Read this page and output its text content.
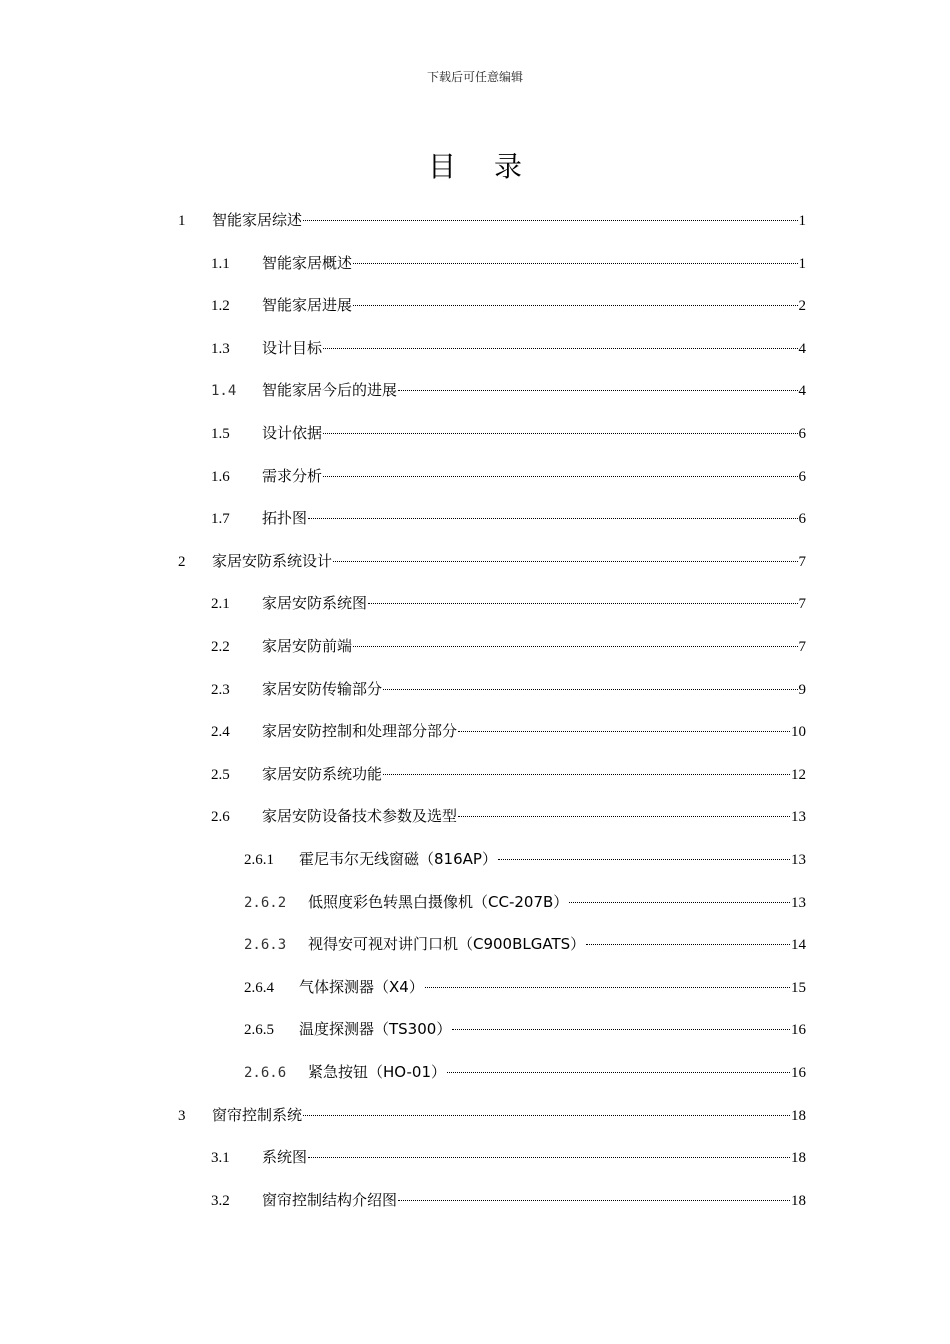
下载后可任意编辑
目录
1	智能家居综述	1
1.1	智能家居概述	1
1.2	智能家居进展	2
1.3	设计目标	4
1.4	智能家居今后的进展	4
1.5	设计依据	6
1.6	需求分析	6
1.7	拓扑图	6
2	家居安防系统设计	7
2.1	家居安防系统图	7
2.2	家居安防前端	7
2.3	家居安防传输部分	9
2.4	家居安防控制和处理部分部分	10
2.5	家居安防系统功能	12
2.6	家居安防设备技术参数及选型	13
2.6.1	霍尼韦尔无线窗磁（816AP）	13
2.6.2	低照度彩色转黑白摄像机（CC-207B）	13
2.6.3	视得安可视对讲门口机（C900BLGATS）	14
2.6.4	气体探测器（X4）	15
2.6.5	温度探测器（TS300）	16
2.6.6	紧急按钮（HO-01）	16
3	窗帘控制系统	18
3.1	系统图	18
3.2	窗帘控制结构介绍图	18
